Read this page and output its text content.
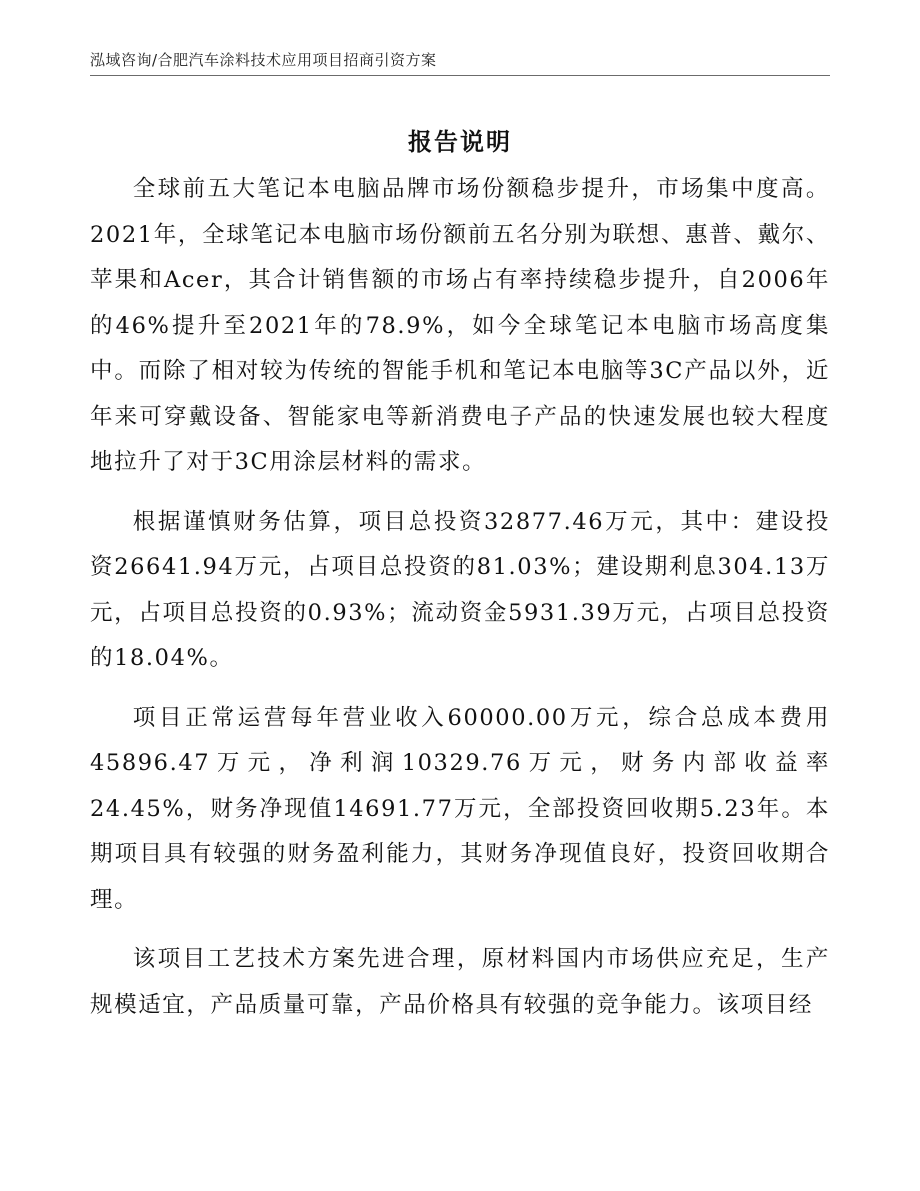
泓域咨询/合肥汽车涂料技术应用项目招商引资方案
报告说明

全球前五大笔记本电脑品牌市场份额稳步提升，市场集中度高。2021年，全球笔记本电脑市场份额前五名分别为联想、惠普、戴尔、苹果和Acer，其合计销售额的市场占有率持续稳步提升，自2006年的46%提升至2021年的78.9%，如今全球笔记本电脑市场高度集中。而除了相对较为传统的智能手机和笔记本电脑等3C产品以外，近年来可穿戴设备、智能家电等新消费电子产品的快速发展也较大程度地拉升了对于3C用涂层材料的需求。

根据谨慎财务估算，项目总投资32877.46万元，其中：建设投资26641.94万元，占项目总投资的81.03%；建设期利息304.13万元，占项目总投资的0.93%；流动资金5931.39万元，占项目总投资的18.04%。

项目正常运营每年营业收入60000.00万元，综合总成本费用45896.47万元，净利润10329.76万元，财务内部收益率24.45%，财务净现值14691.77万元，全部投资回收期5.23年。本期项目具有较强的财务盈利能力，其财务净现值良好，投资回收期合理。

该项目工艺技术方案先进合理，原材料国内市场供应充足，生产规模适宜，产品质量可靠，产品价格具有较强的竞争能力。该项目经
